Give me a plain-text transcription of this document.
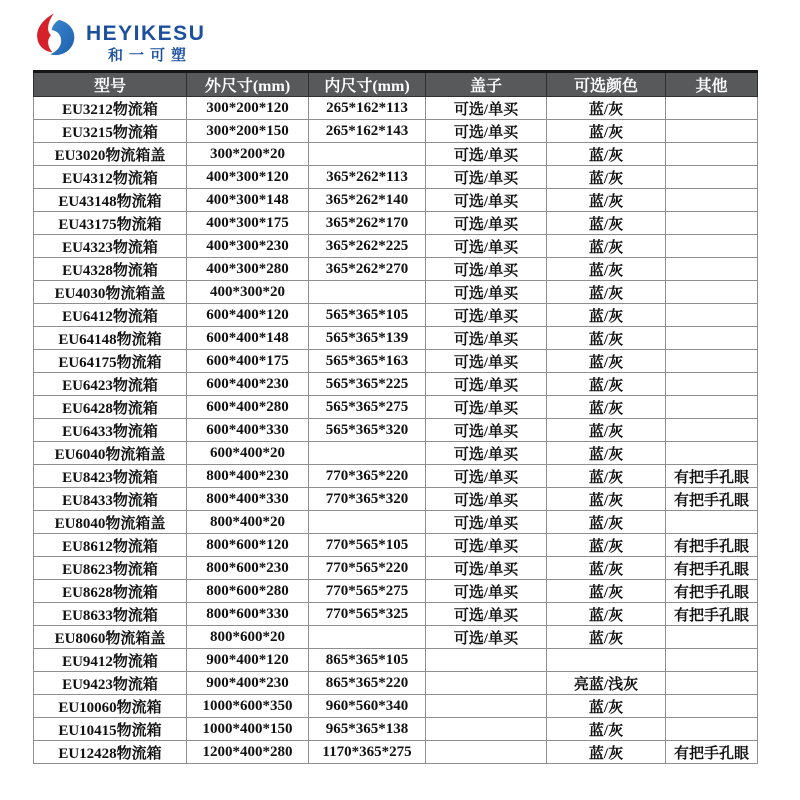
HEYIKESU
和一可塑
型号	外尺寸(mm)	内尺寸(mm)	盖子	可选颜色	其他
EU3212物流箱	300*200*120	265*162*113	可选/单买	蓝/灰	
EU3215物流箱	300*200*150	265*162*143	可选/单买	蓝/灰	
EU3020物流箱盖	300*200*20		可选/单买	蓝/灰	
EU4312物流箱	400*300*120	365*262*113	可选/单买	蓝/灰	
EU43148物流箱	400*300*148	365*262*140	可选/单买	蓝/灰	
EU43175物流箱	400*300*175	365*262*170	可选/单买	蓝/灰	
EU4323物流箱	400*300*230	365*262*225	可选/单买	蓝/灰	
EU4328物流箱	400*300*280	365*262*270	可选/单买	蓝/灰	
EU4030物流箱盖	400*300*20		可选/单买	蓝/灰	
EU6412物流箱	600*400*120	565*365*105	可选/单买	蓝/灰	
EU64148物流箱	600*400*148	565*365*139	可选/单买	蓝/灰	
EU64175物流箱	600*400*175	565*365*163	可选/单买	蓝/灰	
EU6423物流箱	600*400*230	565*365*225	可选/单买	蓝/灰	
EU6428物流箱	600*400*280	565*365*275	可选/单买	蓝/灰	
EU6433物流箱	600*400*330	565*365*320	可选/单买	蓝/灰	
EU6040物流箱盖	600*400*20		可选/单买	蓝/灰	
EU8423物流箱	800*400*230	770*365*220	可选/单买	蓝/灰	有把手孔眼
EU8433物流箱	800*400*330	770*365*320	可选/单买	蓝/灰	有把手孔眼
EU8040物流箱盖	800*400*20		可选/单买	蓝/灰	
EU8612物流箱	800*600*120	770*565*105	可选/单买	蓝/灰	有把手孔眼
EU8623物流箱	800*600*230	770*565*220	可选/单买	蓝/灰	有把手孔眼
EU8628物流箱	800*600*280	770*565*275	可选/单买	蓝/灰	有把手孔眼
EU8633物流箱	800*600*330	770*565*325	可选/单买	蓝/灰	有把手孔眼
EU8060物流箱盖	800*600*20		可选/单买	蓝/灰	
EU9412物流箱	900*400*120	865*365*105			
EU9423物流箱	900*400*230	865*365*220		亮蓝/浅灰	
EU10060物流箱	1000*600*350	960*560*340		蓝/灰	
EU10415物流箱	1000*400*150	965*365*138		蓝/灰	
EU12428物流箱	1200*400*280	1170*365*275		蓝/灰	有把手孔眼
